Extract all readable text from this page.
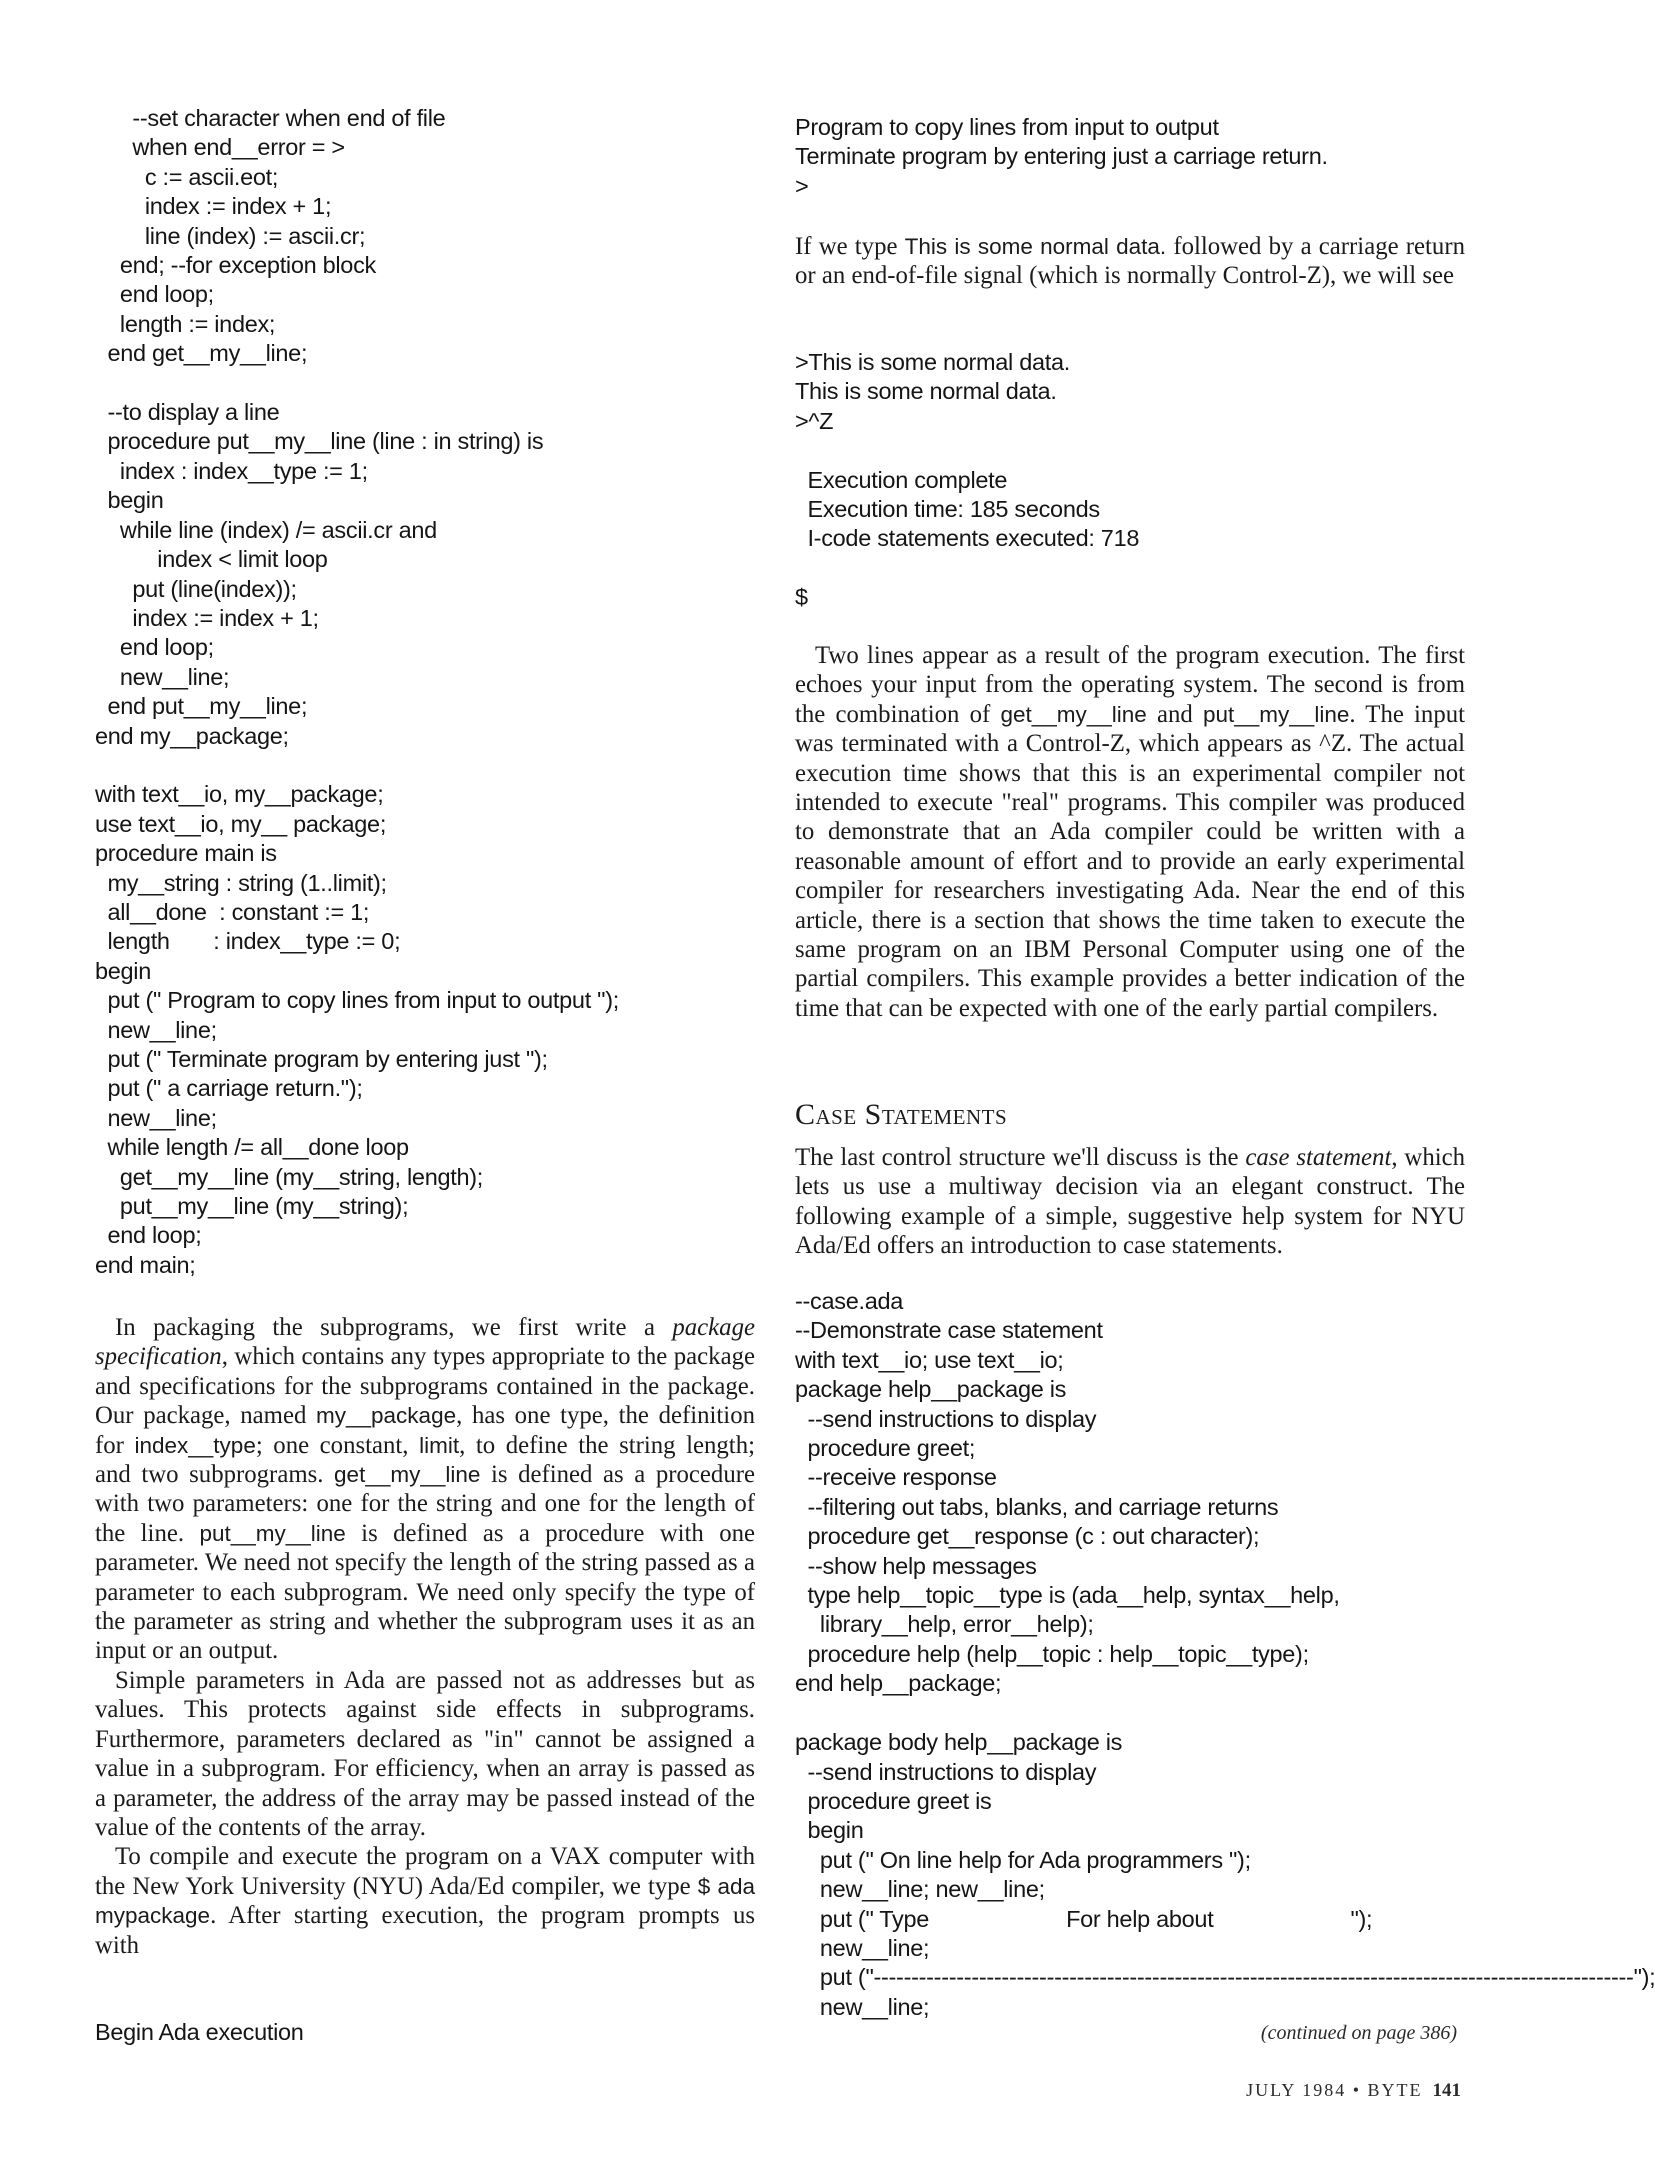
--set character when end of file
when end__error = >
c := ascii.eot;
index := index + 1;
line (index) := ascii.cr;
end; --for exception block
end loop;
length := index;
end get__my__line;

--to display a line
procedure put__my__line (line : in string) is
index : index__type := 1;
begin
while line (index) /= ascii.cr and
index < limit loop
put (line(index));
index := index + 1;
end loop;
new__line;
end put__my__line;
end my__package;

with text__io, my__package;
use text__io, my__ package;
procedure main is
my__string : string (1..limit);
all__done  : constant := 1;
length       : index__type := 0;
begin
put (" Program to copy lines from input to output ");
new__line;
put (" Terminate program by entering just ");
put (" a carriage return.");
new__line;
while length /= all__done loop
get__my__line (my__string, length);
put__my__line (my__string);
end loop;
end main;

In packaging the subprograms, we first write a package specification, which contains any types appropriate to the package and specifications for the subprograms contained in the package. Our package, named my__package, has one type, the definition for index__type; one constant, limit, to define the string length; and two subprograms. get__my__line is defined as a procedure with two parameters: one for the string and one for the length of the line. put__my__line is defined as a procedure with one parameter. We need not specify the length of the string passed as a parameter to each subprogram. We need only specify the type of the parameter as string and whether the subprogram uses it as an input or an output.

Simple parameters in Ada are passed not as addresses but as values. This protects against side effects in subprograms. Furthermore, parameters declared as "in" cannot be assigned a value in a subprogram. For efficiency, when an array is passed as a parameter, the address of the array may be passed instead of the value of the contents of the array.

To compile and execute the program on a VAX computer with the New York University (NYU) Ada/Ed compiler, we type $ ada mypackage. After starting execution, the program prompts us with

Begin Ada execution
Program to copy lines from input to output
Terminate program by entering just a carriage return.
>

If we type This is some normal data. followed by a carriage return or an end-of-file signal (which is normally Control-Z), we will see

>This is some normal data.
This is some normal data.
>^Z

Execution complete
Execution time: 185 seconds
I-code statements executed: 718

$

Two lines appear as a result of the program execution. The first echoes your input from the operating system. The second is from the combination of get__my__line and put__my__line. The input was terminated with a Control-Z, which appears as ^Z. The actual execution time shows that this is an experimental compiler not intended to execute "real" programs. This compiler was produced to demonstrate that an Ada compiler could be written with a reasonable amount of effort and to provide an early experimental compiler for researchers investigating Ada. Near the end of this article, there is a section that shows the time taken to execute the same program on an IBM Personal Computer using one of the partial compilers. This example provides a better indication of the time that can be expected with one of the early partial compilers.

Case Statements

The last control structure we'll discuss is the case statement, which lets us use a multiway decision via an elegant construct. The following example of a simple, suggestive help system for NYU Ada/Ed offers an introduction to case statements.

--case.ada
--Demonstrate case statement
with text__io; use text__io;
package help__package is
--send instructions to display
procedure greet;
--receive response
--filtering out tabs, blanks, and carriage returns
procedure get__response (c : out character);
--show help messages
type help__topic__type is (ada__help, syntax__help,
library__help, error__help);
procedure help (help__topic : help__topic__type);
end help__package;

package body help__package is
--send instructions to display
procedure greet is
begin
put (" On line help for Ada programmers ");
new__line; new__line;
put (" Type                      For help about                      ");
new__line;
put ("-----------------------------------------------------------------------------------------------------");
new__line;
(continued on page 386)
JULY 1984 • BYTE 141
